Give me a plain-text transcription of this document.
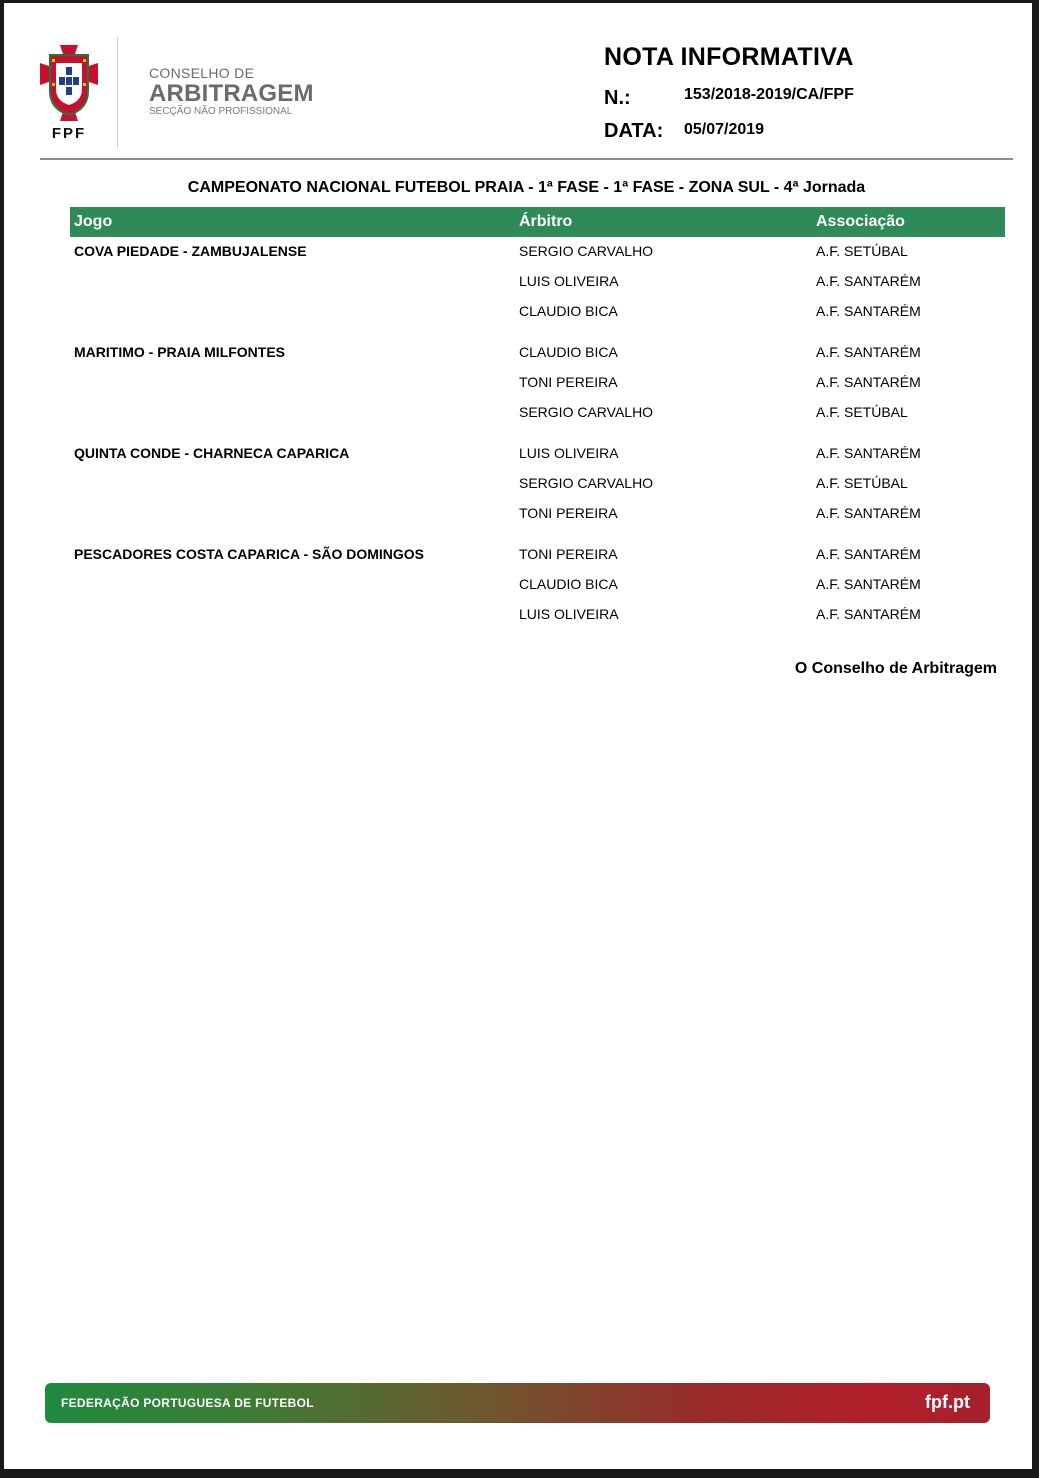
FPF
CONSELHO DE
ARBITRAGEM
SECÇÃO NÃO PROFISSIONAL
NOTA INFORMATIVA
N.:	153/2018-2019/CA/FPF
DATA: 05/07/2019
CAMPEONATO NACIONAL FUTEBOL PRAIA - 1ª FASE - 1ª FASE - ZONA SUL - 4ª Jornada
Jogo	Árbitro	Associação
COVA PIEDADE - ZAMBUJALENSE	SERGIO CARVALHO	A.F. SETÚBAL
LUIS OLIVEIRA	A.F. SANTARÉM
CLAUDIO BICA	A.F. SANTARÉM
MARITIMO - PRAIA MILFONTES	CLAUDIO BICA	A.F. SANTARÉM
TONI PEREIRA	A.F. SANTARÉM
SERGIO CARVALHO	A.F. SETÚBAL
QUINTA CONDE - CHARNECA CAPARICA	LUIS OLIVEIRA	A.F. SANTARÉM
SERGIO CARVALHO	A.F. SETÚBAL
TONI PEREIRA	A.F. SANTARÉM
PESCADORES COSTA CAPARICA - SÃO DOMINGOS	TONI PEREIRA	A.F. SANTARÉM
CLAUDIO BICA	A.F. SANTARÉM
LUIS OLIVEIRA	A.F. SANTARÉM
O Conselho de Arbitragem
FEDERAÇÃO PORTUGUESA DE FUTEBOL	fpf.pt
